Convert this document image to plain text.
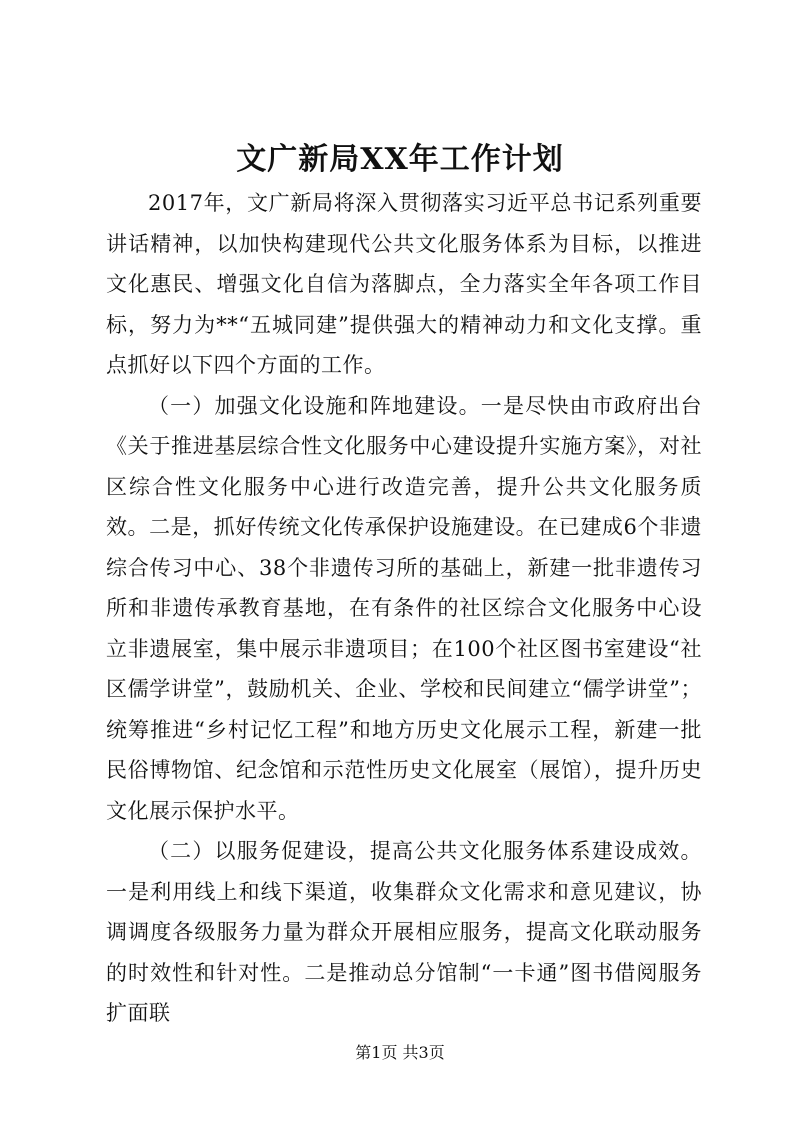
文广新局XX年工作计划

2017年，文广新局将深入贯彻落实习近平总书记系列重要讲话精神，以加快构建现代公共文化服务体系为目标，以推进文化惠民、增强文化自信为落脚点，全力落实全年各项工作目标，努力为**“五城同建”提供强大的精神动力和文化支撑。重点抓好以下四个方面的工作。

（一）加强文化设施和阵地建设。一是尽快由市政府出台《关于推进基层综合性文化服务中心建设提升实施方案》，对社区综合性文化服务中心进行改造完善，提升公共文化服务质效。二是，抓好传统文化传承保护设施建设。在已建成6个非遗综合传习中心、38个非遗传习所的基础上，新建一批非遗传习所和非遗传承教育基地，在有条件的社区综合文化服务中心设立非遗展室，集中展示非遗项目；在100个社区图书室建设“社区儒学讲堂”，鼓励机关、企业、学校和民间建立“儒学讲堂”；统筹推进“乡村记忆工程”和地方历史文化展示工程，新建一批民俗博物馆、纪念馆和示范性历史文化展室（展馆），提升历史文化展示保护水平。

（二）以服务促建设，提高公共文化服务体系建设成效。一是利用线上和线下渠道，收集群众文化需求和意见建议，协调调度各级服务力量为群众开展相应服务，提高文化联动服务的时效性和针对性。二是推动总分馆制“一卡通”图书借阅服务扩面联

第1页 共3页
